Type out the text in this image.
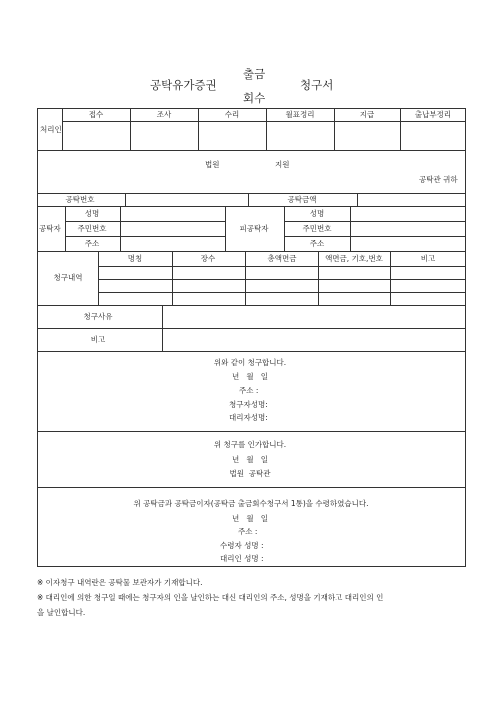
공탁유가증권
출금
회수
청구서
처리인
접수	조사	수리	월표정리	지급	출납부정리
법원	지원
공탁관 귀하
공탁번호	공탁금액
공탁자
성명
주민번호
주소
피공탁자
성명
주민번호
주소
청구내역
명칭	장수	총액면금	액면금, 기호,번호	비고
청구사유
비고
위와 같이 청구합니다.
년   월   일
주소 :
청구자성명:
대리자성명:
위 청구를 인가합니다.
년   월   일
법원  공탁관
위 공탁금과 공탁금이자(공탁금 출금회수청구서 1통)을 수령하였습니다.
년   월   일
주소 :
수령자 성명 :
대리인 성명 :
※ 이자청구 내역란은 공탁물 보관자가 기재합니다.
※ 대리인에 의한 청구일 때에는 청구자의 인을 날인하는 대신 대리인의 주소, 성명을 기재하고 대리인의 인
을 날인합니다.
